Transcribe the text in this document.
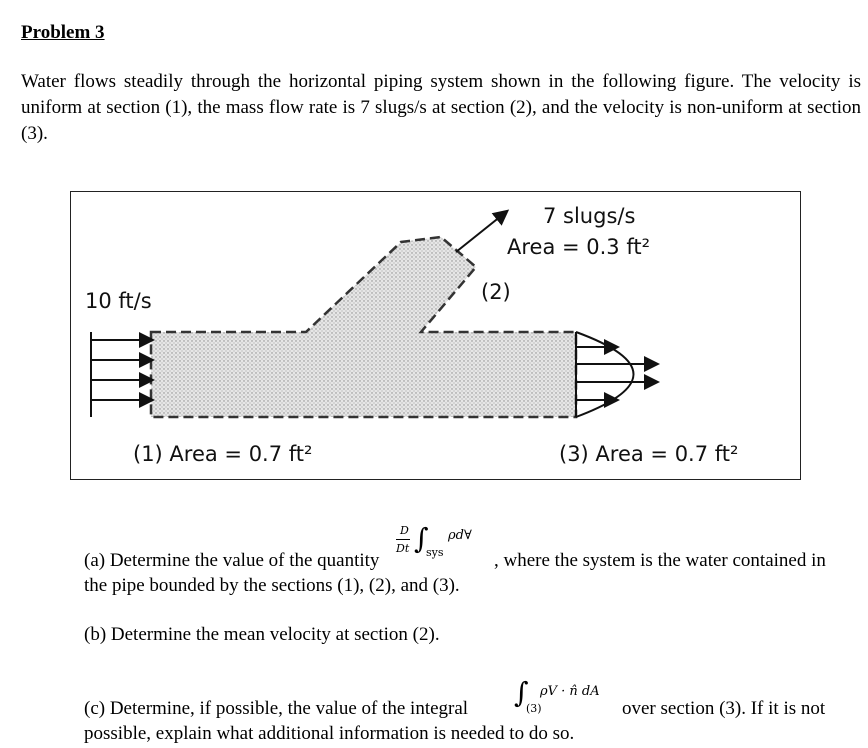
Problem 3
Water flows steadily through the horizontal piping system shown in the following figure. The velocity is uniform at section (1), the mass flow rate is 7 slugs/s at section (2), and the velocity is non-uniform at section (3).
10 ft/s
(1) Area = 0.7 ft²
7 slugs/s
Area = 0.3 ft²
(2)
(3) Area = 0.7 ft²
(a) Determine the value of the quantity
D
Dt ∫
sys
ρd∀
, where the system is the water contained in
the pipe bounded by the sections (1), (2), and (3).
(b) Determine the mean velocity at section (2).
(c) Determine, if possible, the value of the integral ∫
(3)
ρV · n̂ dA
over section (3). If it is not
possible, explain what additional information is needed to do so.
